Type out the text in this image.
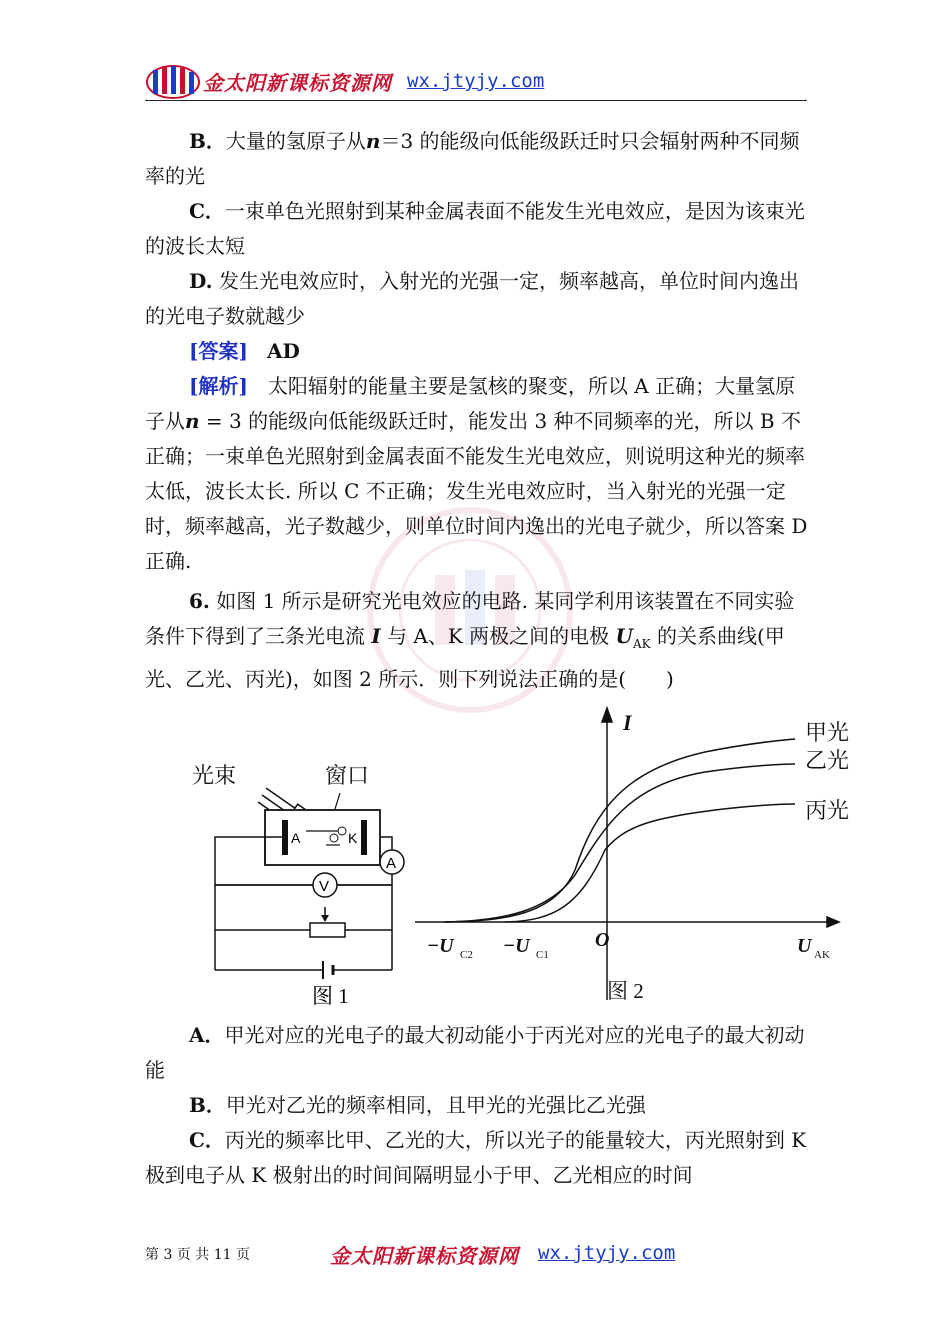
金太阳新课标资源网 wx.jtyjy.com

B．大量的氢原子从n＝3 的能级向低能级跃迁时只会辐射两种不同频率的光

C．一束单色光照射到某种金属表面不能发生光电效应，是因为该束光的波长太短

D. 发生光电效应时，入射光的光强一定，频率越高，单位时间内逸出的光电子数就越少

[答案] AD

[解析]　太阳辐射的能量主要是氢核的聚变，所以 A 正确；大量氢原子从n = 3 的能级向低能级跃迁时，能发出 3 种不同频率的光，所以 B 不正确；一束单色光照射到金属表面不能发生光电效应，则说明这种光的频率太低，波长太长. 所以 C 不正确；发生光电效应时，当入射光的光强一定时，频率越高，光子数越少，则单位时间内逸出的光电子就少，所以答案 D 正确.

6. 如图 1 所示是研究光电效应的电路. 某同学利用该装置在不同实验条件下得到了三条光电流 I 与 A、K 两极之间的电极 $U_{AK}$ 的关系曲线(甲光、乙光、丙光)，如图 2 所示．则下列说法正确的是(　　)

光束	窗口
A	K
A
V
图 1
I	甲光
乙光
丙光
O
−U C2 −U C1	U AK
图 2

A．甲光对应的光电子的最大初动能小于丙光对应的光电子的最大初动能

B．甲光对乙光的频率相同，且甲光的光强比乙光强

C．丙光的频率比甲、乙光的大，所以光子的能量较大，丙光照射到 K 极到电子从 K 极射出的时间间隔明显小于甲、乙光相应的时间

第 3 页 共 11 页	金太阳新课标资源网 wx.jtyjy.com
